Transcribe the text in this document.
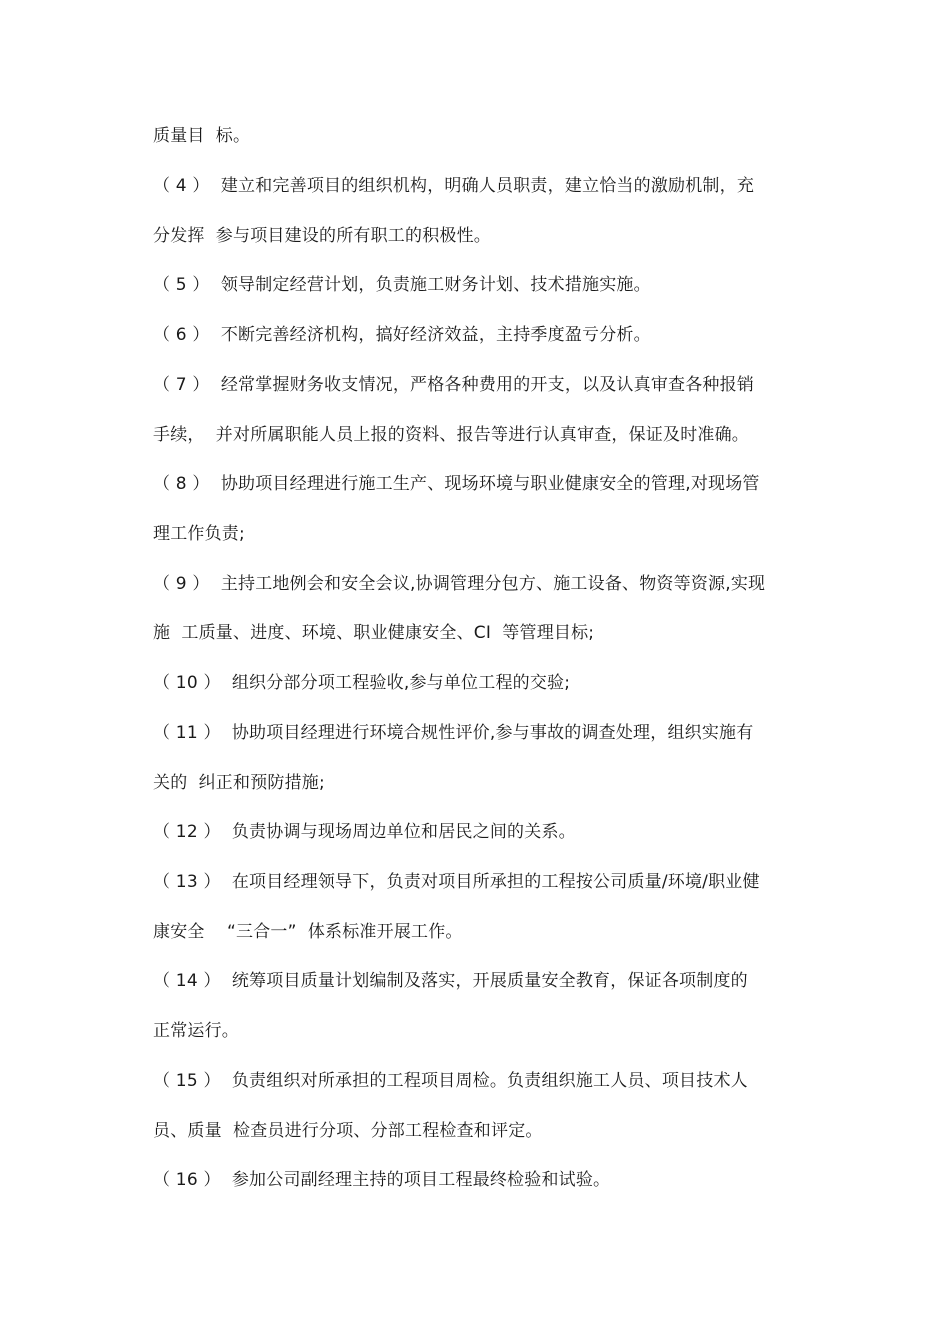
质量目  标。
（ 4 ）  建立和完善项目的组织机构，明确人员职责，建立恰当的激励机制，充
分发挥  参与项目建设的所有职工的积极性。
（ 5 ）  领导制定经营计划，负责施工财务计划、技术措施实施。
（ 6 ）  不断完善经济机构，搞好经济效益，主持季度盈亏分析。
（ 7 ）  经常掌握财务收支情况，严格各种费用的开支，以及认真审查各种报销
手续，  并对所属职能人员上报的资料、报告等进行认真审查，保证及时准确。
（ 8 ）  协助项目经理进行施工生产、现场环境与职业健康安全的管理,对现场管
理工作负责;
（ 9 ）  主持工地例会和安全会议,协调管理分包方、施工设备、物资等资源,实现
施  工质量、进度、环境、职业健康安全、CI  等管理目标;
（ 10 ）  组织分部分项工程验收,参与单位工程的交验;
（ 11 ）  协助项目经理进行环境合规性评价,参与事故的调查处理，组织实施有
关的  纠正和预防措施;
（ 12 ）  负责协调与现场周边单位和居民之间的关系。
（ 13 ）  在项目经理领导下，负责对项目所承担的工程按公司质量/环境/职业健
康安全    “三合一”  体系标准开展工作。
（ 14 ）  统筹项目质量计划编制及落实，开展质量安全教育，保证各项制度的
正常运行。
（ 15 ）  负责组织对所承担的工程项目周检。负责组织施工人员、项目技术人
员、质量  检查员进行分项、分部工程检查和评定。
（ 16 ）  参加公司副经理主持的项目工程最终检验和试验。
